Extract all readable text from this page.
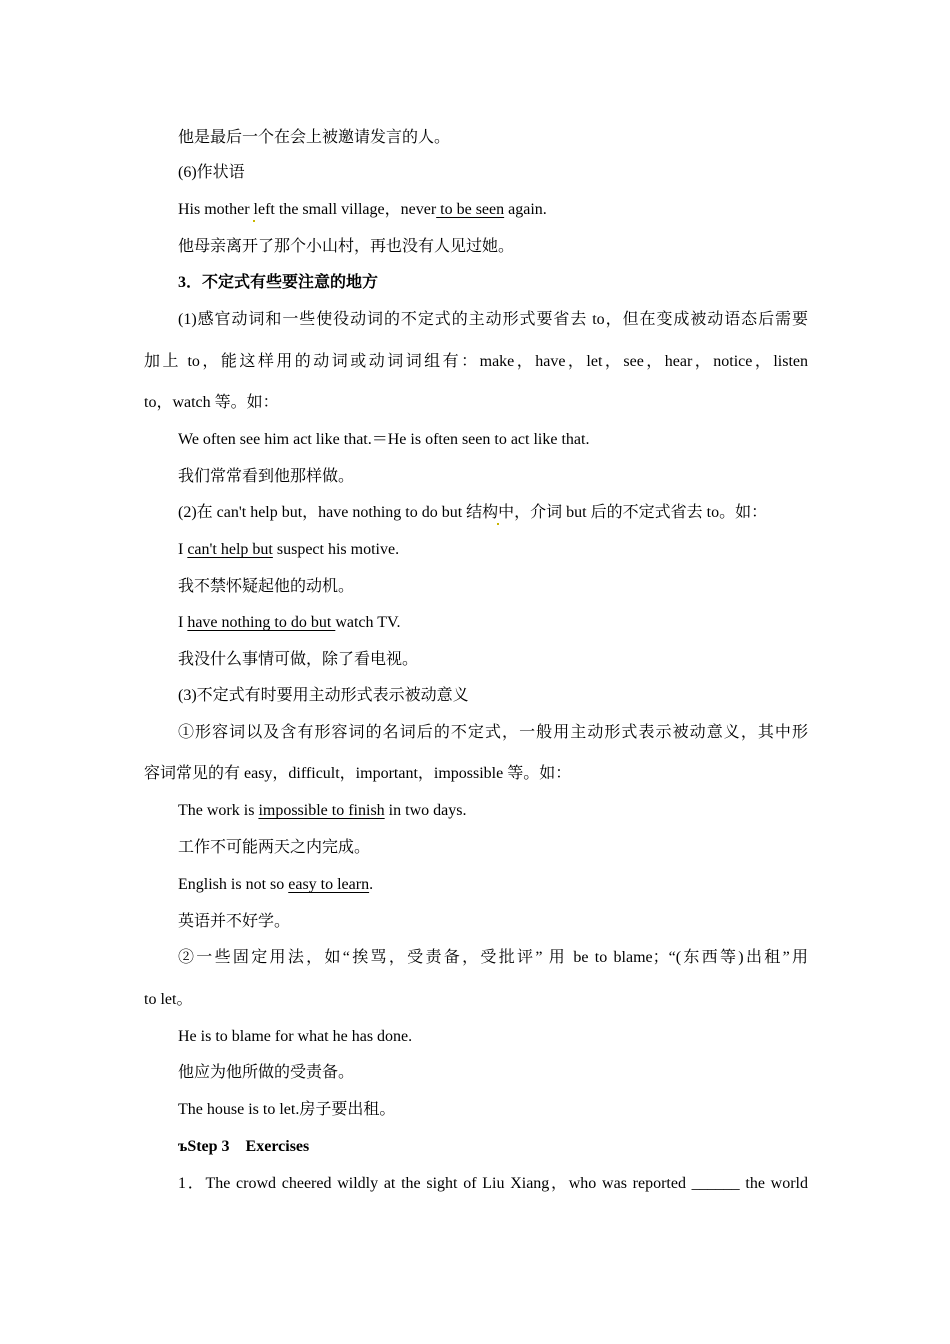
他是最后一个在会上被邀请发言的人。
(6)作状语
His mother left the small village，never to be seen again.
他母亲离开了那个小山村，再也没有人见过她。
3．不定式有些要注意的地方
(1)感官动词和一些使役动词的不定式的主动形式要省去 to，但在变成被动语态后需要
加上 to，能这样用的动词或动词词组有：make，have，let，see，hear，notice，listen
to，watch 等。如：
We often see him act like that.＝He is often seen to act like that.
我们常常看到他那样做。
(2)在 can't help but，have nothing to do but 结构中，介词 but 后的不定式省去 to。如：
I can't help but suspect his motive.
我不禁怀疑起他的动机。
I have nothing to do but watch TV.
我没什么事情可做，除了看电视。
(3)不定式有时要用主动形式表示被动意义
①形容词以及含有形容词的名词后的不定式，一般用主动形式表示被动意义，其中形
容词常见的有 easy，difficult，important，impossible 等。如：
The work is impossible to finish in two days.
工作不可能两天之内完成。
English is not so easy to learn.
英语并不好学。
②一些固定用法，如“挨骂，受责备，受批评” 用 be to blame；“(东西等)出租”用
to let。
He is to blame for what he has done.
他应为他所做的受责备。
The house is to let.房子要出租。
ъStep 3　Exercises
1．The crowd cheered wildly at the sight of Liu Xiang，who was reported ______ the world
